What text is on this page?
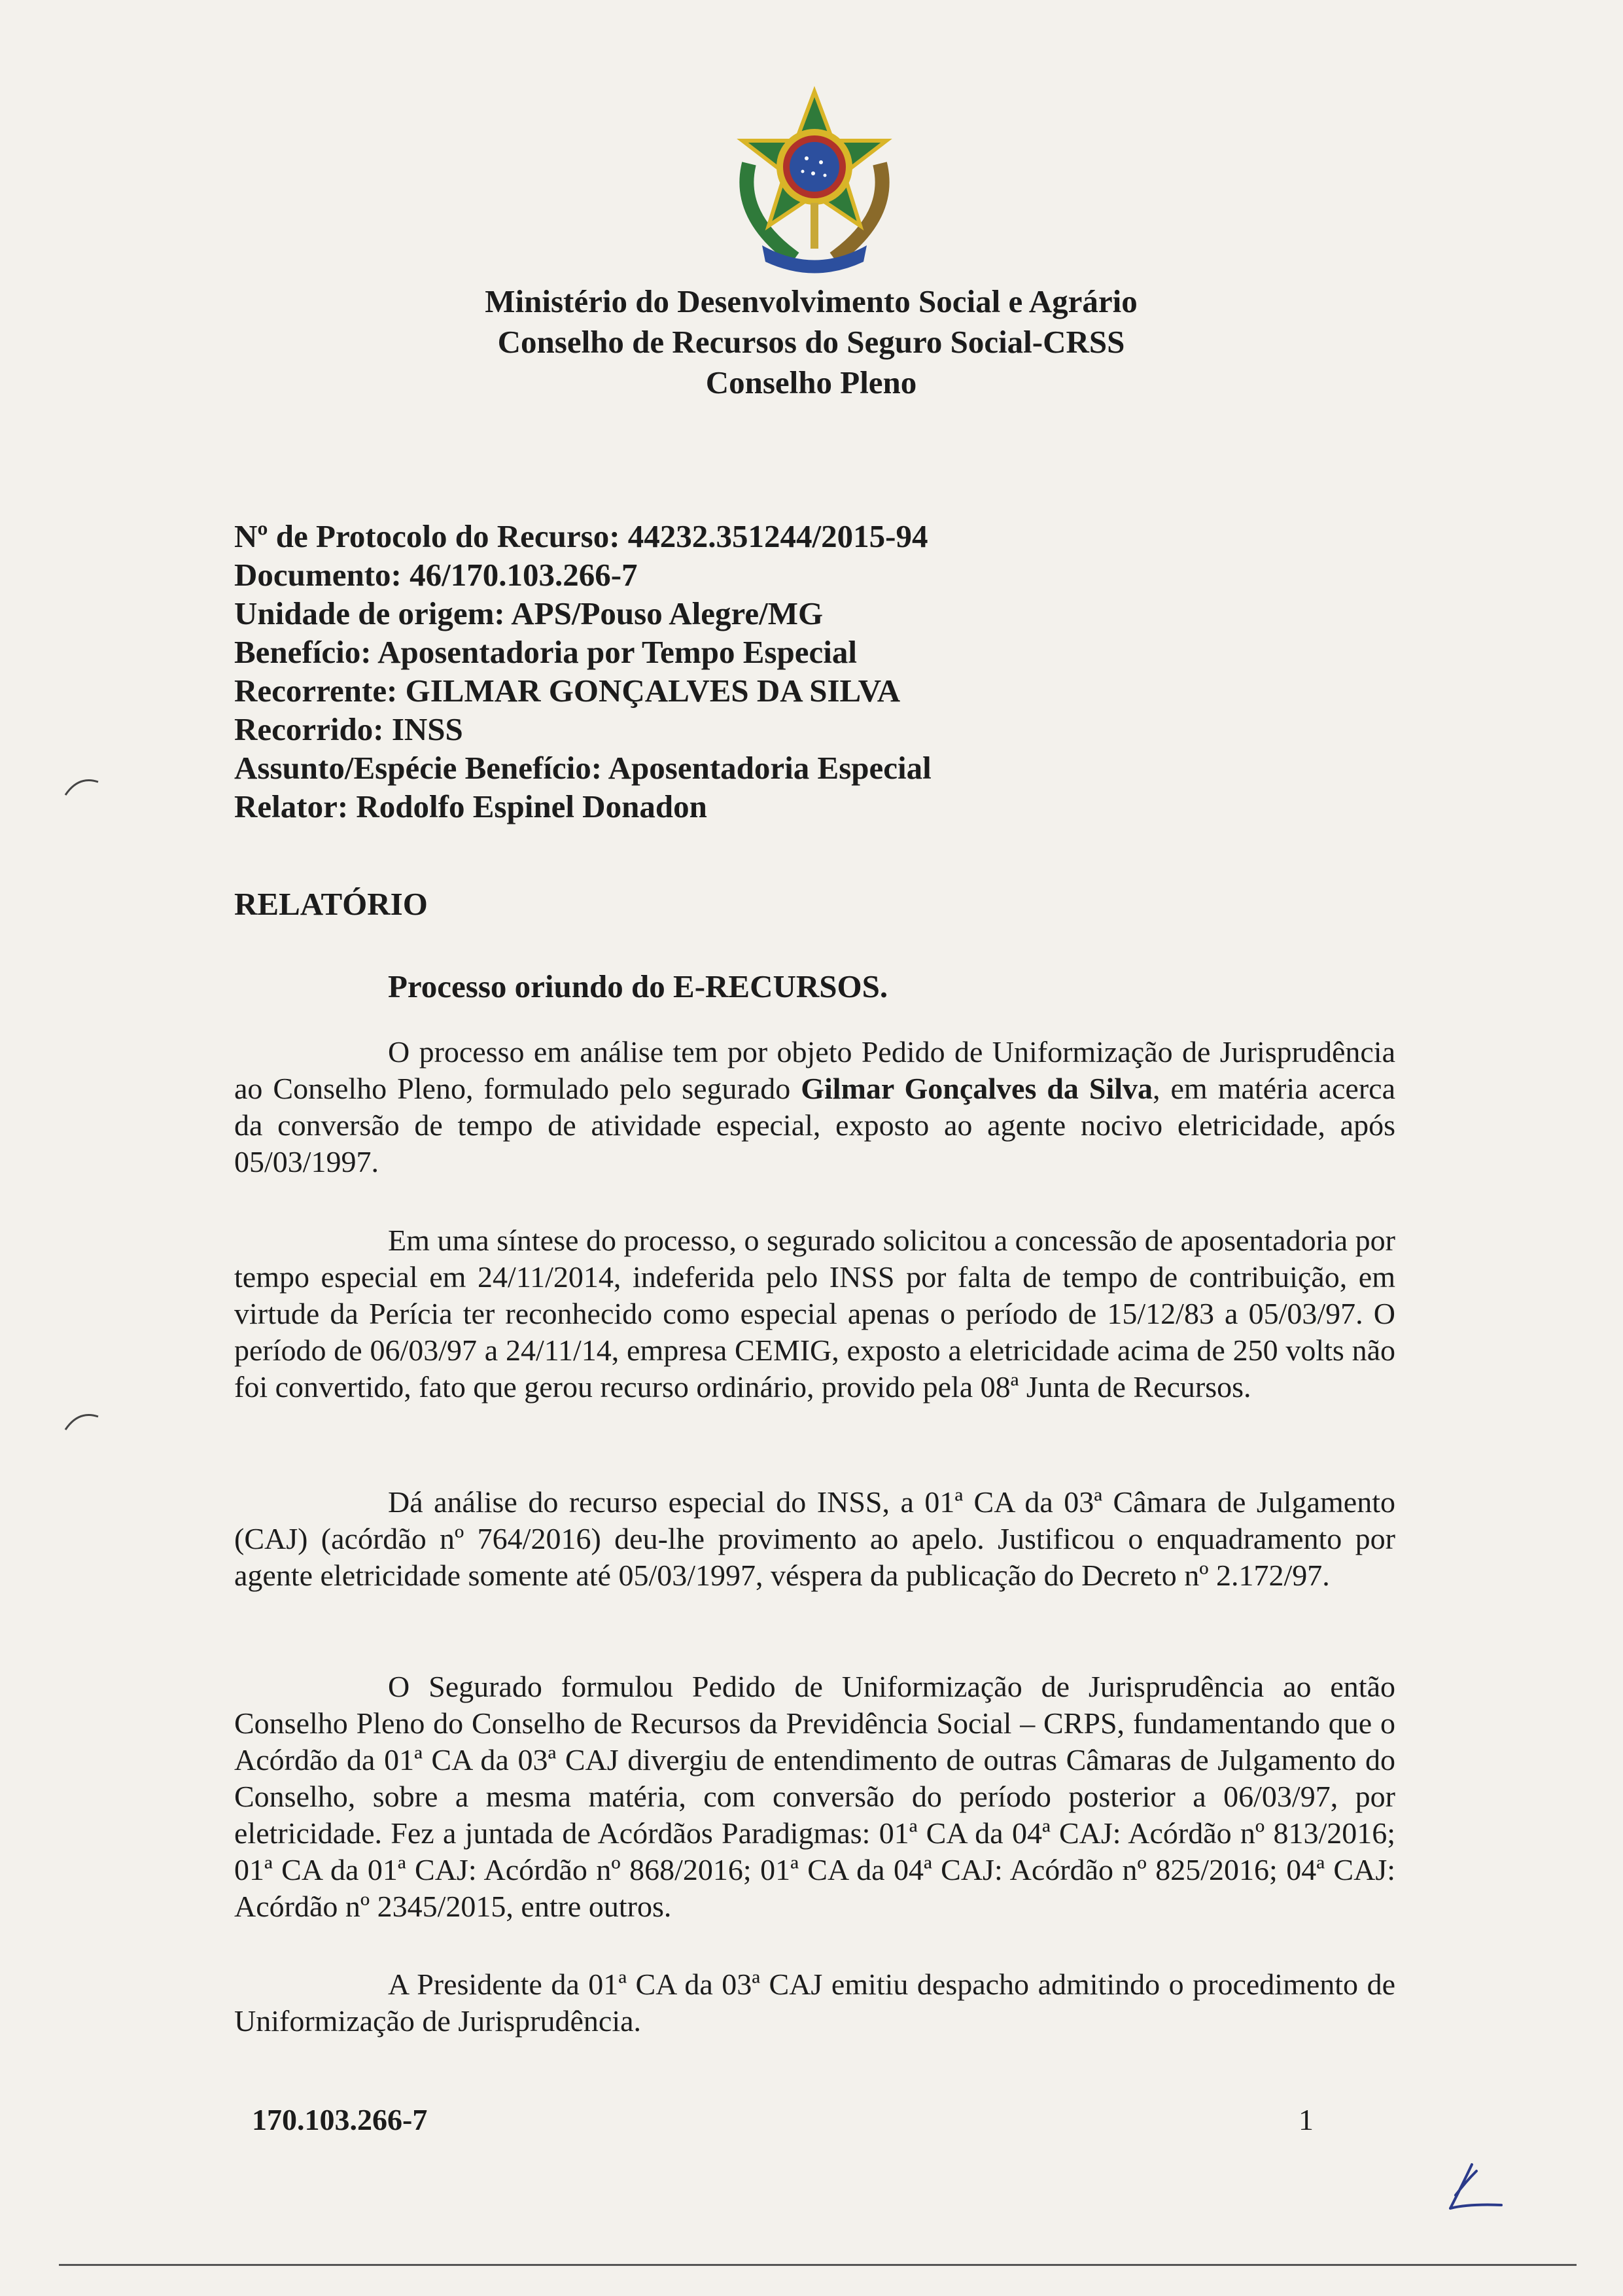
Ministério do Desenvolvimento Social e Agrário
Conselho de Recursos do Seguro Social-CRSS
Conselho Pleno
Nº de Protocolo do Recurso: 44232.351244/2015-94
Documento: 46/170.103.266-7
Unidade de origem: APS/Pouso Alegre/MG
Benefício: Aposentadoria por Tempo Especial
Recorrente: GILMAR GONÇALVES DA SILVA
Recorrido: INSS
Assunto/Espécie Benefício: Aposentadoria Especial
Relator: Rodolfo Espinel Donadon
RELATÓRIO
Processo oriundo do E-RECURSOS.

O processo em análise tem por objeto Pedido de Uniformização de Jurisprudência ao Conselho Pleno, formulado pelo segurado Gilmar Gonçalves da Silva, em matéria acerca da conversão de tempo de atividade especial, exposto ao agente nocivo eletricidade, após 05/03/1997.

Em uma síntese do processo, o segurado solicitou a concessão de aposentadoria por tempo especial em 24/11/2014, indeferida pelo INSS por falta de tempo de contribuição, em virtude da Perícia ter reconhecido como especial apenas o período de 15/12/83 a 05/03/97. O período de 06/03/97 a 24/11/14, empresa CEMIG, exposto a eletricidade acima de 250 volts não foi convertido, fato que gerou recurso ordinário, provido pela 08ª Junta de Recursos.

Dá análise do recurso especial do INSS, a 01ª CA da 03ª Câmara de Julgamento (CAJ) (acórdão nº 764/2016) deu-lhe provimento ao apelo. Justificou o enquadramento por agente eletricidade somente até 05/03/1997, véspera da publicação do Decreto nº 2.172/97.

O Segurado formulou Pedido de Uniformização de Jurisprudência ao então Conselho Pleno do Conselho de Recursos da Previdência Social – CRPS, fundamentando que o Acórdão da 01ª CA da 03ª CAJ divergiu de entendimento de outras Câmaras de Julgamento do Conselho, sobre a mesma matéria, com conversão do período posterior a 06/03/97, por eletricidade. Fez a juntada de Acórdãos Paradigmas: 01ª CA da 04ª CAJ: Acórdão nº 813/2016; 01ª CA da 01ª CAJ: Acórdão nº 868/2016; 01ª CA da 04ª CAJ: Acórdão nº 825/2016; 04ª CAJ: Acórdão nº 2345/2015, entre outros.

A Presidente da 01ª CA da 03ª CAJ emitiu despacho admitindo o procedimento de Uniformização de Jurisprudência.

170.103.266-7	1
